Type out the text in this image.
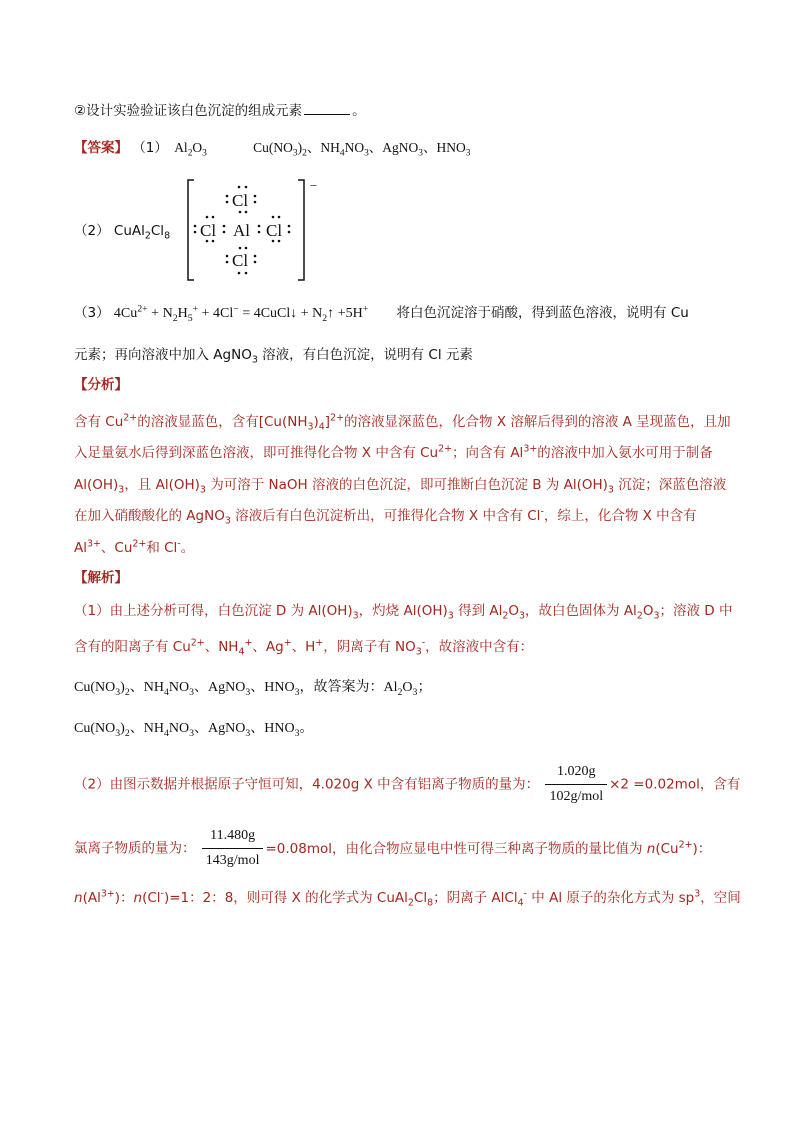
②设计实验验证该白色沉淀的组成元素	。
【答案】 （1） $Al_2O_3$	$Cu(NO_3)_2$、$NH_4NO_3$、AgNO$_3$、$HNO_3$
（2） $CuAl_2Cl_8$
−
Cl
Cl Al Cl
Cl
（3） $4Cu^{2+} + N_2H_5^+ + 4Cl^-$ = 4CuCl↓ + $N_2↑ +5H^+$ 将白色沉淀溶于硝酸，得到蓝色溶液，说明有 Cu
元素；再向溶液中加入 AgNO$_3$ 溶液，有白色沉淀，说明有 Cl 元素
【分析】
含有 $Cu^{2+}$的溶液显蓝色，含有$[Cu(NH_3)_4]^{2+}$的溶液显深蓝色，化合物 X 溶解后得到的溶液 A 呈现蓝色，且加
入足量氨水后得到深蓝色溶液，即可推得化合物 X 中含有 $Cu^{2+}$；向含有 $Al^{3+}$的溶液中加入氨水可用于制备
$Al(OH)_3$，且 $Al(OH)_3$ 为可溶于 NaOH 溶液的白色沉淀，即可推断白色沉淀 B 为 $Al(OH)_3$ 沉淀；深蓝色溶液
在加入硝酸酸化的 AgNO$_3$ 溶液后有白色沉淀析出，可推得化合物 X 中含有 Cl-，综上，化合物 X 中含有
$Al^{3+}$、$Cu^{2+}$和 Cl-。
【解析】
（1）由上述分析可得，白色沉淀 D 为 $Al(OH)_3$，灼烧 $Al(OH)_3$ 得到 $Al_2O_3$，故白色固体为 $Al_2O_3$；溶液 D 中
含有的阳离子有 $Cu^{2+}$、$NH_4^+$、Ag+、H+，阴离子有 $NO_3^-$，故溶液中含有：
$Cu(NO_3)_2$、$NH_4NO_3$、AgNO$_3$、$HNO_3$，故答案为：$Al_2O_3$；
$Cu(NO_3)_2$、$NH_4NO_3$、AgNO$_3$、$HNO_3$。
（2）由图示数据并根据原子守恒可知，4.020g X 中含有铝离子物质的量为： $\frac{1.020g}{\text{102g/mol}} \times 2 =0.02mol$，含有
氯离子物质的量为： $\frac{11.480g}{\text{143g/mol}} =0.08mol$，由化合物应显电中性可得三种离子物质的量比值为 $n(Cu^{2+})$：
$n(Al^{3+})$：n(Cl-)=1：2：8，则可得 X 的化学式为 $CuAl_2Cl_8$；阴离子 AlCl$_4$- 中 Al 原子的杂化方式为 $sp^3$，空间
